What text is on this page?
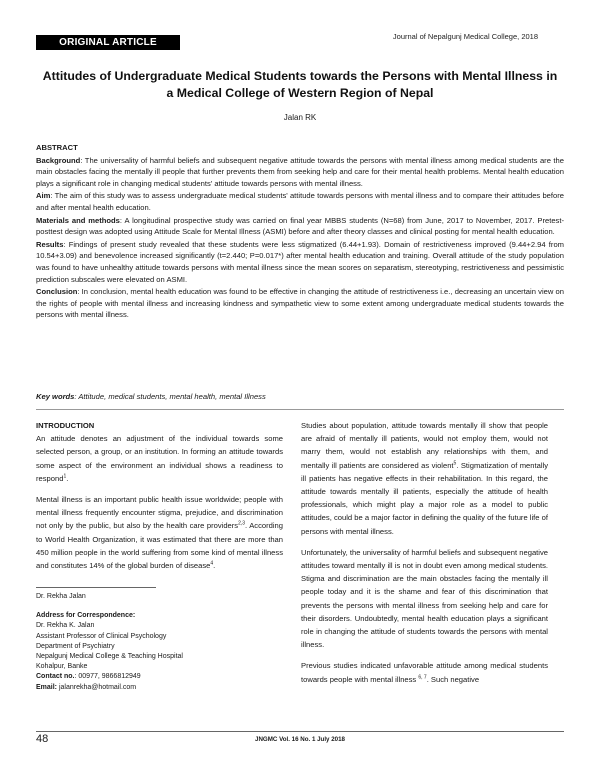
ORIGINAL ARTICLE
Journal of Nepalgunj Medical College, 2018
Attitudes of Undergraduate Medical Students towards the Persons with Mental Illness in
a Medical College of Western Region of Nepal
Jalan RK

ABSTRACT

Background: The universality of harmful beliefs and subsequent negative attitude towards the persons with mental illness among medical students are the main obstacles facing the mentally ill people that further prevents them from seeking help and care for their mental health problems. Mental health education plays a significant role in changing medical students' attitude towards persons with mental illness.

Aim: The aim of this study was to assess undergraduate medical students' attitude towards persons with mental illness and to compare their attitudes before and after mental health education.

Materials and methods: A longitudinal prospective study was carried on final year MBBS students (N=68) from June, 2017 to November, 2017. Pretest- posttest design was adopted using Attitude Scale for Mental Illness (ASMI) before and after theory classes and clinical posting for mental health education.

Results: Findings of present study revealed that these students were less stigmatized (6.44+1.93). Domain of restrictiveness improved (9.44+2.94 from 10.54+3.09) and benevolence increased significantly (t=2.440; P=0.017*) after mental health education and training. Overall attitude of the study population was found to have unhealthy attitude towards persons with mental illness since the mean scores on separatism, stereotyping, restrictiveness and pessimistic prediction subscales were elevated on ASMI.

Conclusion: In conclusion, mental health education was found to be effective in changing the attitude of restrictiveness i.e., decreasing an uncertain view on the rights of people with mental illness and increasing kindness and sympathetic view to some extent among undergraduate medical students towards the persons with mental illness.

Key words: Attitude, medical students, mental health, mental Illness

INTRODUCTION

An attitude denotes an adjustment of the individual towards some selected person, a group, or an institution. In forming an attitude towards some aspect of the environment an individual shows a readiness to respond$^1$.

Mental illness is an important public health issue worldwide; people with mental illness frequently encounter stigma, prejudice, and discrimination not only by the public, but also by the health care providers$^{2,3}$. According to World Health Organization, it was estimated that there are more than 450 million people in the world suffering from some kind of mental illness and constitutes 14% of the global burden of disease$^4$.

Dr. Rekha Jalan
Address for Correspondence:
Dr. Rekha K. Jalan
Assistant Professor of Clinical Psychology
Department of Psychiatry
Nepalgunj Medical College & Teaching Hospital
Kohalpur, Banke
Contact no.: 00977, 9866812949
Email: jalanrekha@hotmail.com

Studies about population, attitude towards mentally ill show that people are afraid of mentally ill patients, would not employ them, would not marry them, would not establish any relationships with them, and mentally ill patients are considered as violent$^5$. Stigmatization of mentally ill patients has negative effects in their rehabilitation. In this regard, the attitude towards mentally ill patients, especially the attitude of health professionals, which might play a major role as a model to public attitudes, could be a major factor in defining the quality of the future life of persons with mental illness.

Unfortunately, the universality of harmful beliefs and subsequent negative attitudes toward mentally ill is not in doubt even among medical students. Stigma and discrimination are the main obstacles facing the mentally ill people today and it is the shame and fear of this discrimination that prevents the persons with mental illness from seeking help and care for their disorders. Undoubtedly, mental health education plays a significant role in changing the attitude of students towards the persons with mental illness.

Previous studies indicated unfavorable attitude among medical students towards people with mental illness $^{6, 7}$. Such negative

48	JNGMC Vol. 16 No. 1 July 2018
